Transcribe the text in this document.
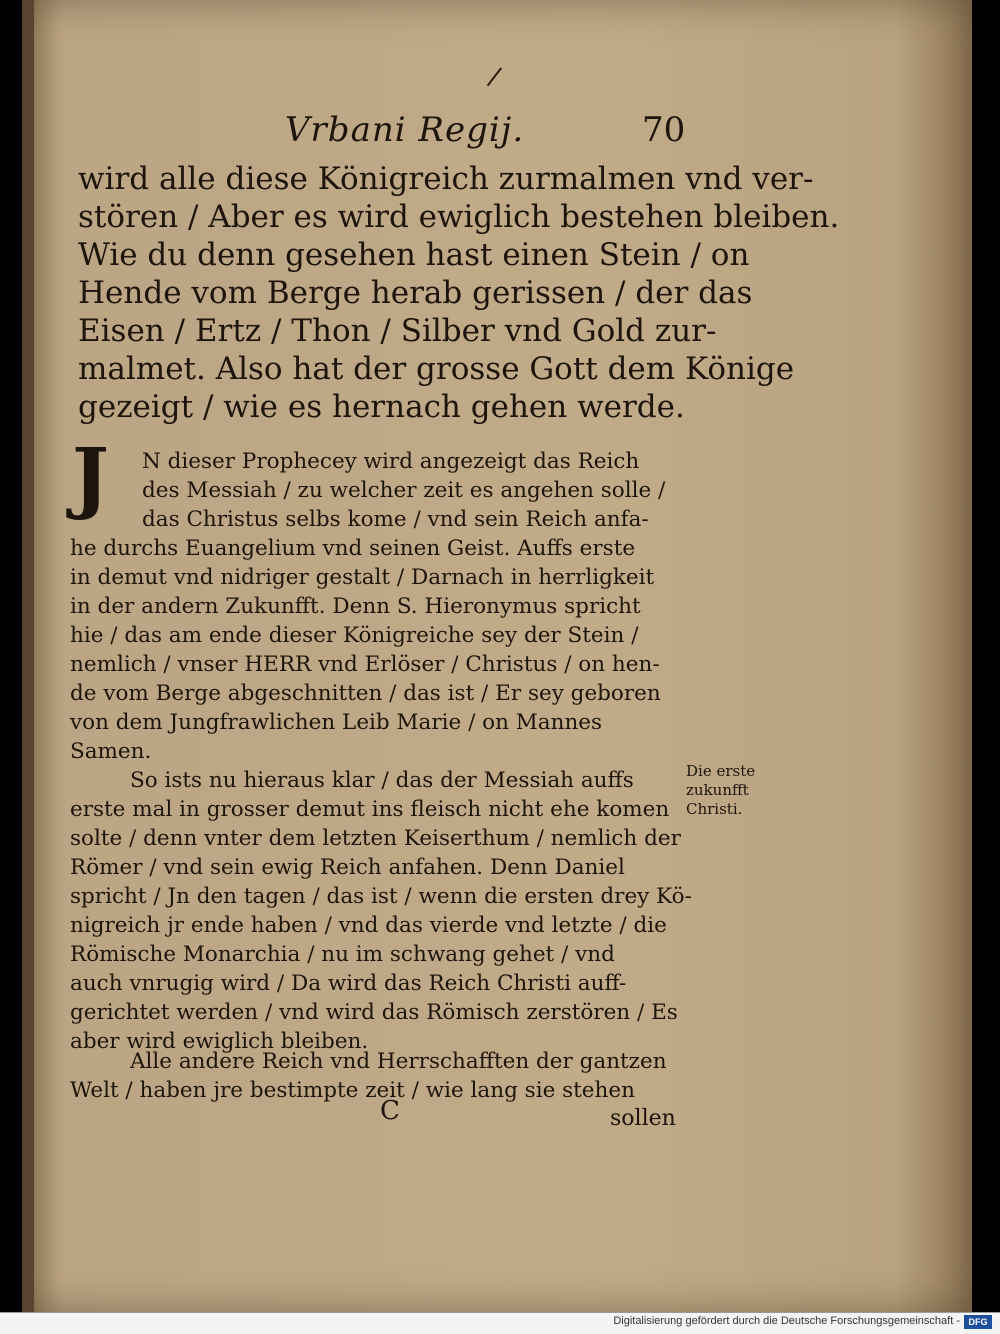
/
Vrbani Regij.	70
wird alle diese Königreich zurmalmen vnd ver-
stören / Aber es wird ewiglich bestehen bleiben.
Wie du denn gesehen hast einen Stein / on
Hende vom Berge herab gerissen / der das
Eisen / Ertz / Thon / Silber vnd Gold zur-
malmet. Also hat der grosse Gott dem Könige
gezeigt / wie es hernach gehen werde.
J	N dieser Prophecey wird angezeigt das Reich
des Messiah / zu welcher zeit es angehen solle /
das Christus selbs kome / vnd sein Reich anfa-
he durchs Euangelium vnd seinen Geist. Auffs erste
in demut vnd nidriger gestalt / Darnach in herrligkeit
in der andern Zukunfft. Denn S. Hieronymus spricht
hie / das am ende dieser Königreiche sey der Stein /
nemlich / vnser HERR vnd Erlöser / Christus / on hen-
de vom Berge abgeschnitten / das ist / Er sey geboren
von dem Jungfrawlichen Leib Marie / on Mannes
Samen.
So ists nu hieraus klar / das der Messiah auffs
erste mal in grosser demut ins fleisch nicht ehe komen
solte / denn vnter dem letzten Keiserthum / nemlich der
Römer / vnd sein ewig Reich anfahen. Denn Daniel
spricht / Jn den tagen / das ist / wenn die ersten drey Kö-
nigreich jr ende haben / vnd das vierde vnd letzte / die
Römische Monarchia / nu im schwang gehet / vnd
auch vnrugig wird / Da wird das Reich Christi auff-
gerichtet werden / vnd wird das Römisch zerstören / Es
aber wird ewiglich bleiben.
Alle andere Reich vnd Herrschafften der gantzen
Welt / haben jre bestimpte zeit / wie lang sie stehen
C	sollen
Die erste
zukunfft
Christi.
Digitalisierung gefördert durch die Deutsche Forschungsgemeinschaft - DFG
